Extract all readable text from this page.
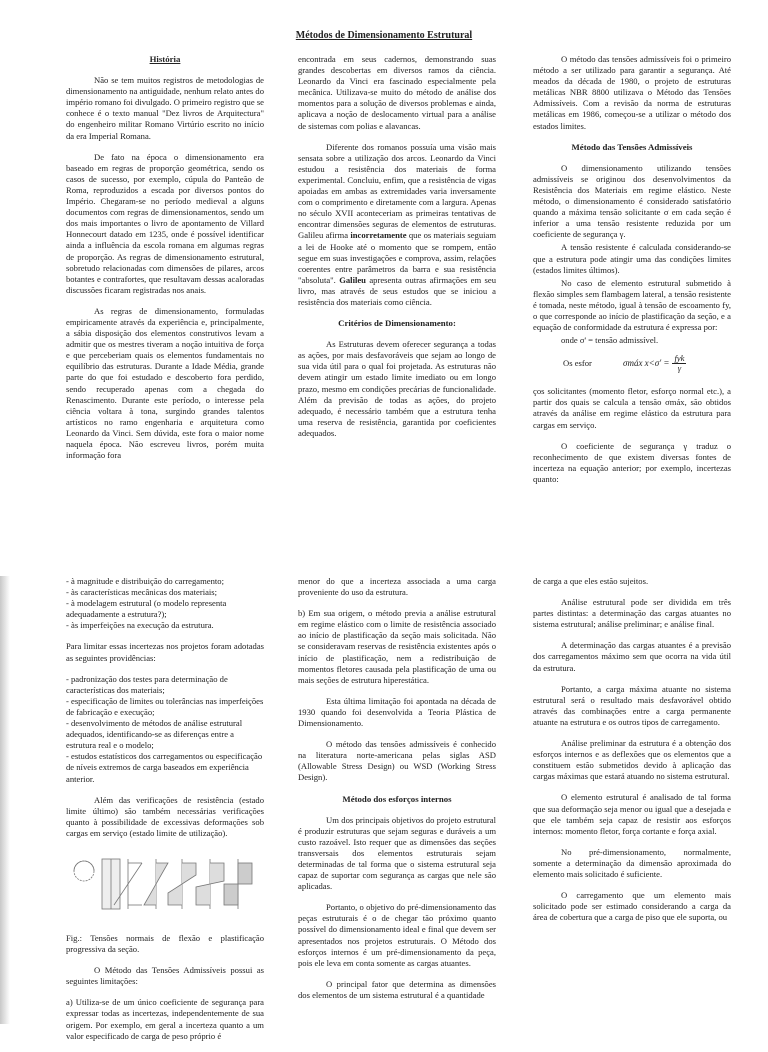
Métodos de Dimensionamento Estrutural
História

Não se tem muitos registros de metodologias de dimensionamento na antiguidade, nenhum relato antes do império romano foi divulgado. O primeiro registro que se conhece é o texto manual "Dez livros de Arquitectura" do engenheiro militar Romano Virtúrio escrito no início da era Imperial Romana.

De fato na época o dimensionamento era baseado em regras de proporção geométrica, sendo os casos de sucesso, por exemplo, cúpula do Panteão de Roma, reproduzidos a escada por diversos pontos do Império. Chegaram-se no período medieval a alguns documentos com regras de dimensionamentos, sendo um dos mais importantes o livro de apontamento de Villard Honnecourt datado em 1235, onde é possível identificar ainda a influência da escola romana em algumas regras de proporção. As regras de dimensionamento estrutural, sobretudo relacionadas com dimensões de pilares, arcos botantes e contrafortes, que resultavam dessas acaloradas discussões ficaram registradas nos anais.

As regras de dimensionamento, formuladas empiricamente através da experiência e, principalmente, a sábia disposição dos elementos construtivos levam a admitir que os mestres tiveram a noção intuitiva de força e que perceberiam quais os elementos fundamentais no equilíbrio das estruturas. Durante a Idade Média, grande parte do que foi estudado e descoberto fora perdido, sendo recuperado apenas com a chegada do Renascimento. Durante este período, o interesse pela ciência voltara à tona, surgindo grandes talentos artísticos no ramo engenharia e arquitetura como Leonardo da Vinci. Sem dúvida, este fora o maior nome naquela época. Não escreveu livros, porém muita informação fora

encontrada em seus cadernos, demonstrando suas grandes descobertas em diversos ramos da ciência. Leonardo da Vinci era fascinado especialmente pela mecânica. Utilizava-se muito do método de análise dos momentos para a solução de diversos problemas e ainda, aplicava a noção de deslocamento virtual para a análise de sistemas com polias e alavancas.

Diferente dos romanos possuía uma visão mais sensata sobre a utilização dos arcos. Leonardo da Vinci estudou a resistência dos materiais de forma experimental. Concluiu, enfim, que a resistência de vigas apoiadas em ambas as extremidades varia inversamente com o comprimento e diretamente com a largura. Apenas no século XVII aconteceriam as primeiras tentativas de encontrar dimensões seguras de elementos de estruturas. Galileu afirma incorretamente que os materiais seguiam a lei de Hooke até o momento que se rompem, então segue em suas investigações e comprova, assim, relações coerentes entre parâmetros da barra e sua resistência "absoluta". Galileu apresenta outras afirmações em seu livro, mas através de seus estudos que se iniciou a resistência dos materiais como ciência.

Critérios de Dimensionamento:

As Estruturas devem oferecer segurança a todas as ações, por mais desfavoráveis que sejam ao longo de sua vida útil para o qual foi projetada. As estruturas não devem atingir um estado limite imediato ou em longo prazo, mesmo em condições precárias de funcionalidade. Além da previsão de todas as ações, do projeto adequado, é necessário também que a estrutura tenha uma reserva de resistência, garantida por coeficientes adequados.

O método das tensões admissíveis foi o primeiro método a ser utilizado para garantir a segurança. Até meados da década de 1980, o projeto de estruturas metálicas NBR 8800 utilizava o Método das Tensões Admissíveis. Com a revisão da norma de estruturas metálicas em 1986, começou-se a utilizar o método dos estados limites.

Método das Tensões Admissíveis

O dimensionamento utilizando tensões admissíveis se originou dos desenvolvimentos da Resistência dos Materiais em regime elástico. Neste método, o dimensionamento é considerado satisfatório quando a máxima tensão solicitante σ em cada seção é inferior a uma tensão resistente reduzida por um coeficiente de segurança γ.

A tensão resistente é calculada considerando-se que a estrutura pode atingir uma das condições limites (estados limites últimos).

No caso de elemento estrutural submetido à flexão simples sem flambagem lateral, a tensão resistente é tomada, neste método, igual à tensão de escoamento fy, o que corresponde ao início de plastificação da seção, e a equação de conformidade da estrutura é expressa por:

onde σ' = tensão admissível.

Os esfor	σmáx $x<\sigma' = \frac{\text{fyk}}{\gamma}$

ços solicitantes (momento fletor, esforço normal etc.), a partir dos quais se calcula a tensão σmáx, são obtidos através da análise em regime elástico da estrutura para cargas em serviço.

O coeficiente de segurança γ traduz o reconhecimento de que existem diversas fontes de incerteza na equação anterior; por exemplo, incertezas quanto:

- à magnitude e distribuição do carregamento;
- às características mecânicas dos materiais;
- à modelagem estrutural (o modelo representa adequadamente a estrutura?);
- às imperfeições na execução da estrutura.

Para limitar essas incertezas nos projetos foram adotadas as seguintes providências:

- padronização dos testes para determinação de características dos materiais;
- especificação de limites ou tolerâncias nas imperfeições de fabricação e execução;
- desenvolvimento de métodos de análise estrutural adequados, identificando-se as diferenças entre a estrutura real e o modelo;
- estudos estatísticos dos carregamentos ou especificação de níveis extremos de carga baseados em experiência anterior.

Além das verificações de resistência (estado limite último) são também necessárias verificações quanto à possibilidade de excessivas deformações sob cargas em serviço (estado limite de utilização).

Fig.: Tensões normais de flexão e plastificação progressiva da seção.

O Método das Tensões Admissíveis possui as seguintes limitações:

a) Utiliza-se de um único coeficiente de segurança para expressar todas as incertezas, independentemente de sua origem. Por exemplo, em geral a incerteza quanto a um valor especificado de carga de peso próprio é

menor do que a incerteza associada a uma carga proveniente do uso da estrutura.

b) Em sua origem, o método previa a análise estrutural em regime elástico com o limite de resistência associado ao início de plastificação da seção mais solicitada. Não se consideravam reservas de resistência existentes após o início de plastificação, nem a redistribuição de momentos fletores causada pela plastificação de uma ou mais seções de estrutura hiperestática.

Esta última limitação foi apontada na década de 1930 quando foi desenvolvida a Teoria Plástica de Dimensionamento.

O método das tensões admissíveis é conhecido na literatura norte-americana pelas siglas ASD (Allowable Stress Design) ou WSD (Working Stress Design).

Método dos esforços internos

Um dos principais objetivos do projeto estrutural é produzir estruturas que sejam seguras e duráveis a um custo razoável. Isto requer que as dimensões das seções transversais dos elementos estruturais sejam determinadas de tal forma que o sistema estrutural seja capaz de suportar com segurança as cargas que nele são aplicadas.

Portanto, o objetivo do pré-dimensionamento das peças estruturais é o de chegar tão próximo quanto possível do dimensionamento ideal e final que devem ser apresentados nos projetos estruturais. O Método dos esforços internos é um pré-dimensionamento da peça, pois ele leva em conta somente as cargas atuantes.

O principal fator que determina as dimensões dos elementos de um sistema estrutural é a quantidade

de carga a que eles estão sujeitos.

Análise estrutural pode ser dividida em três partes distintas: a determinação das cargas atuantes no sistema estrutural; análise preliminar; e análise final.

A determinação das cargas atuantes é a previsão dos carregamentos máximo sem que ocorra na vida útil da estrutura.

Portanto, a carga máxima atuante no sistema estrutural será o resultado mais desfavorável obtido através das combinações entre a carga permanente atuante na estrutura e os outros tipos de carregamento.

Análise preliminar da estrutura é a obtenção dos esforços internos e as deflexões que os elementos que a constituem estão submetidos devido à aplicação das cargas máximas que estará atuando no sistema estrutural.

O elemento estrutural é analisado de tal forma que sua deformação seja menor ou igual que a desejada e que ele também seja capaz de resistir aos esforços internos: momento fletor, força cortante e força axial.

No pré-dimensionamento, normalmente, somente a determinação da dimensão aproximada do elemento mais solicitado é suficiente.

O carregamento que um elemento mais solicitado pode ser estimado considerando a carga da área de cobertura que a carga de piso que ele suporta, ou
